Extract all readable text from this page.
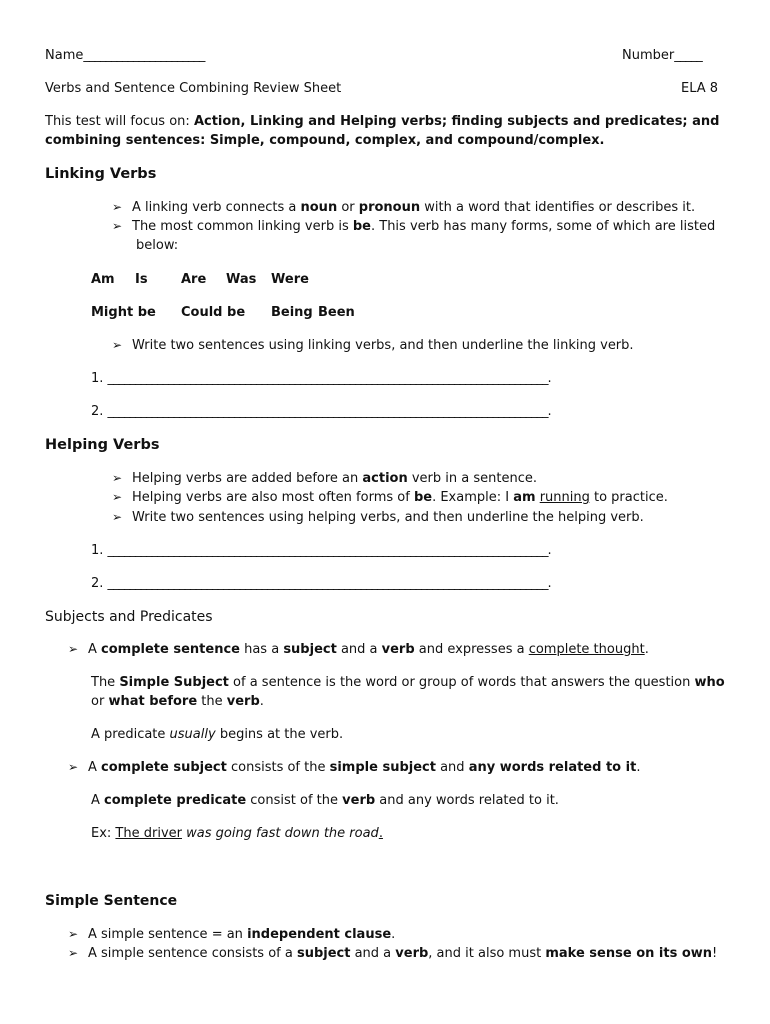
Name______________________	Number_____
Verbs and Sentence Combining Review Sheet	ELA 8
This test will focus on: Action, Linking and Helping verbs; finding subjects and predicates; and
combining sentences: Simple, compound, complex, and compound/complex.
Linking Verbs
➢ A linking verb connects a noun or pronoun with a word that identifies or describes it.
➢ The most common linking verb is be. This verb has many forms, some of which are listed
below:
Am Is	Are Was Were
Might be Could be Being Been
➢ Write two sentences using linking verbs, and then underline the linking verb.
1. ________________________________________________________________________________.
2. ________________________________________________________________________________.
Helping Verbs
➢ Helping verbs are added before an action verb in a sentence.
➢ Helping verbs are also most often forms of be. Example: I am running to practice.
➢ Write two sentences using helping verbs, and then underline the helping verb.
1. ________________________________________________________________________________.
2. ________________________________________________________________________________.
Subjects and Predicates
➢ A complete sentence has a subject and a verb and expresses a complete thought.
The Simple Subject of a sentence is the word or group of words that answers the question who
or what before the verb.
A predicate usually begins at the verb.
➢ A complete subject consists of the simple subject and any words related to it.
A complete predicate consist of the verb and any words related to it.
Ex: The driver was going fast down the road.
Simple Sentence
➢ A simple sentence = an independent clause.
➢ A simple sentence consists of a subject and a verb, and it also must make sense on its own!
